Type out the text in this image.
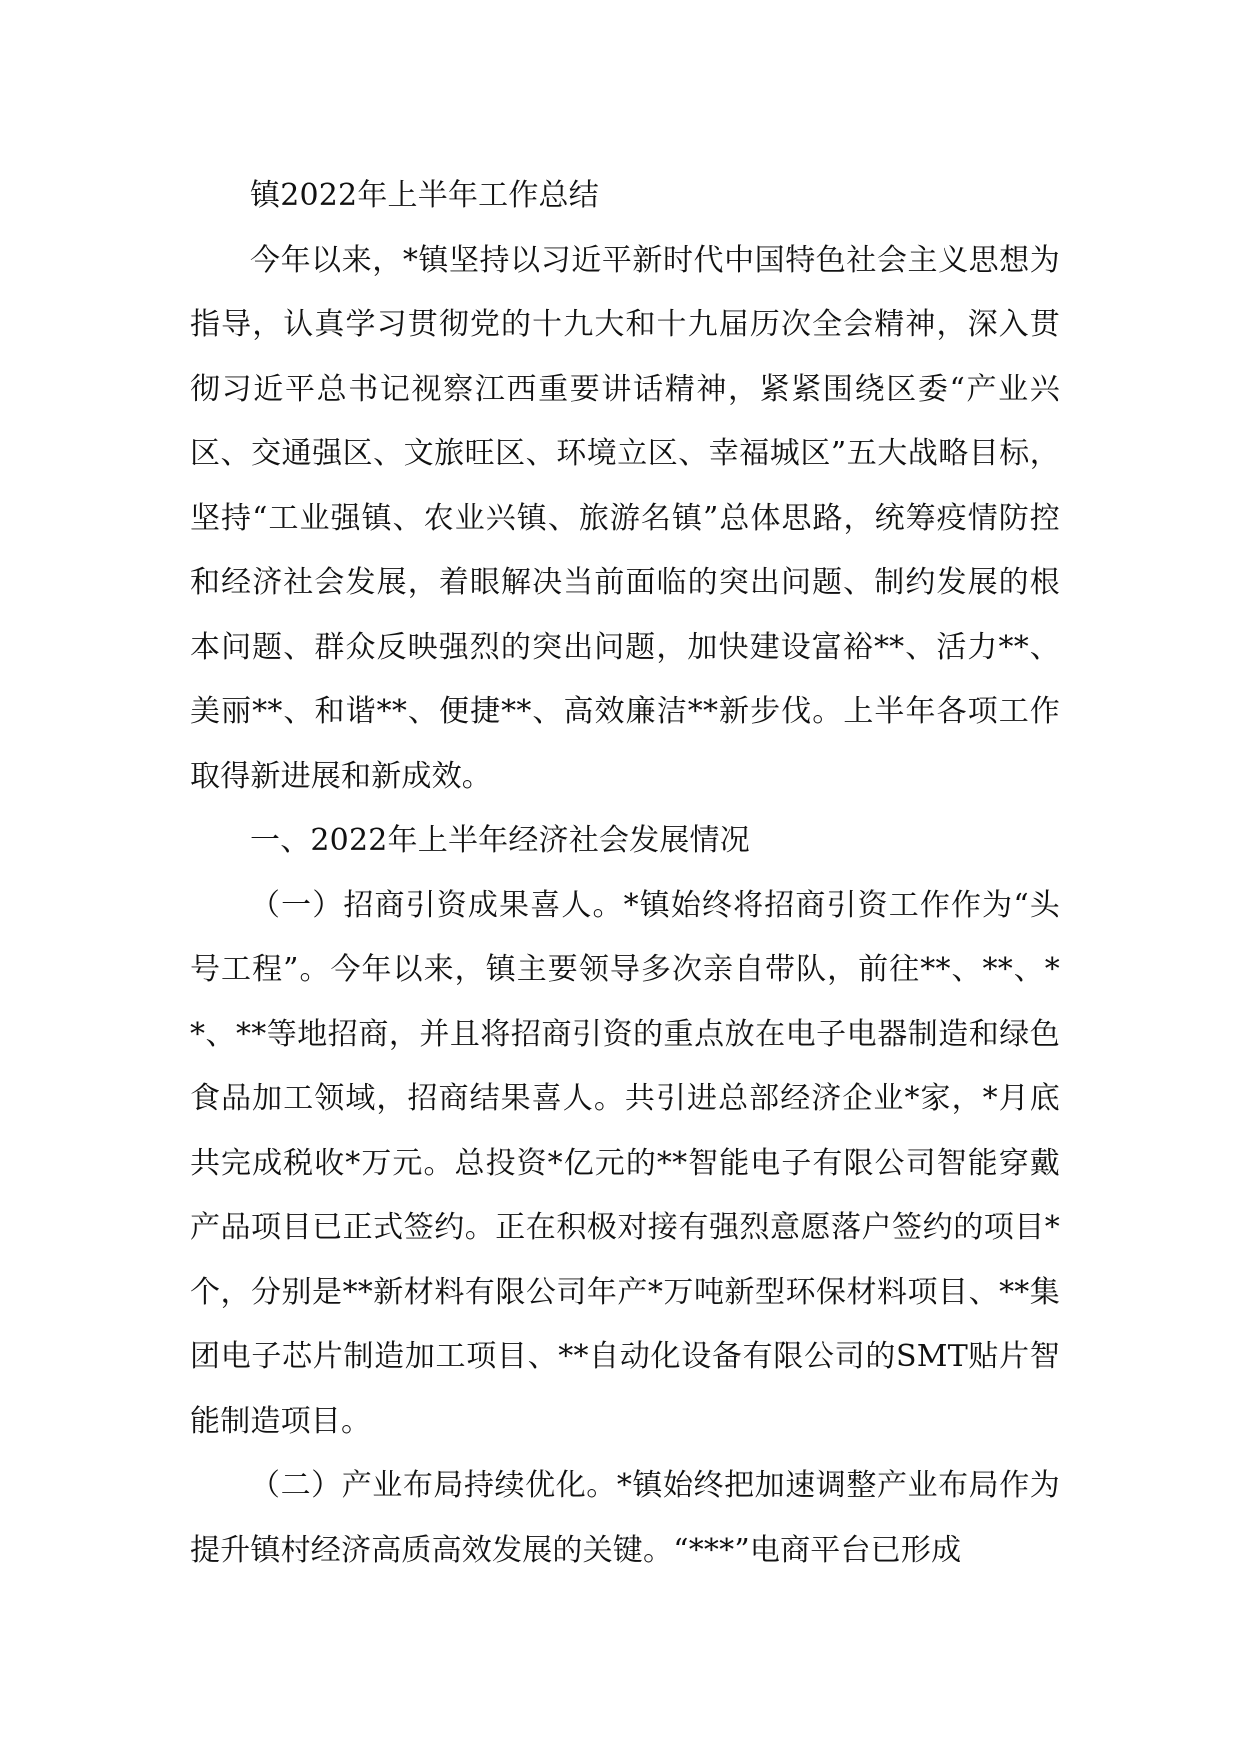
镇2022年上半年工作总结

今年以来，*镇坚持以习近平新时代中国特色社会主义思想为指导，认真学习贯彻党的十九大和十九届历次全会精神，深入贯彻习近平总书记视察江西重要讲话精神，紧紧围绕区委“产业兴区、交通强区、文旅旺区、环境立区、幸福城区”五大战略目标，坚持“工业强镇、农业兴镇、旅游名镇”总体思路，统筹疫情防控和经济社会发展，着眼解决当前面临的突出问题、制约发展的根本问题、群众反映强烈的突出问题，加快建设富裕**、活力**、美丽**、和谐**、便捷**、高效廉洁**新步伐。上半年各项工作取得新进展和新成效。

一、2022年上半年经济社会发展情况

（一）招商引资成果喜人。*镇始终将招商引资工作作为“头号工程”。今年以来，镇主要领导多次亲自带队，前往**、**、**、**等地招商，并且将招商引资的重点放在电子电器制造和绿色食品加工领域，招商结果喜人。共引进总部经济企业*家，*月底共完成税收*万元。总投资*亿元的**智能电子有限公司智能穿戴产品项目已正式签约。正在积极对接有强烈意愿落户签约的项目*个，分别是**新材料有限公司年产*万吨新型环保材料项目、**集团电子芯片制造加工项目、**自动化设备有限公司的SMT贴片智能制造项目。

（二）产业布局持续优化。*镇始终把加速调整产业布局作为提升镇村经济高质高效发展的关键。“***”电商平台已形成
